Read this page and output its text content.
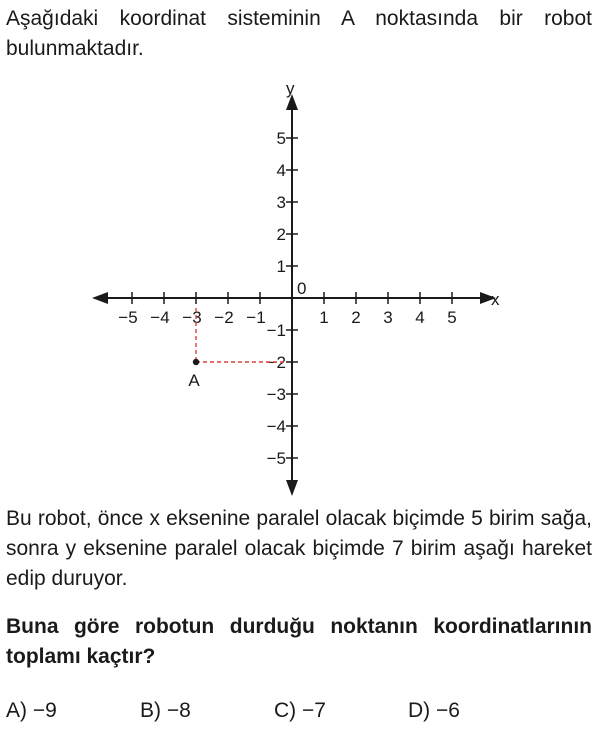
Aşağıdaki koordinat sisteminin A noktasında bir robot bulunmaktadır.

x
y
0
−5 −4 −3 −2 −1	1 2 3 4 5
5
4
3
2
1
−1
−2
−3
−4
−5
A

Bu robot, önce x eksenine paralel olacak biçimde 5 birim sağa, sonra y eksenine paralel olacak biçimde 7 birim aşağı hareket edip duruyor.

Buna göre robotun durduğu noktanın koordinatlarının toplamı kaçtır?

A) −9	B) −8	C) −7	D) −6
